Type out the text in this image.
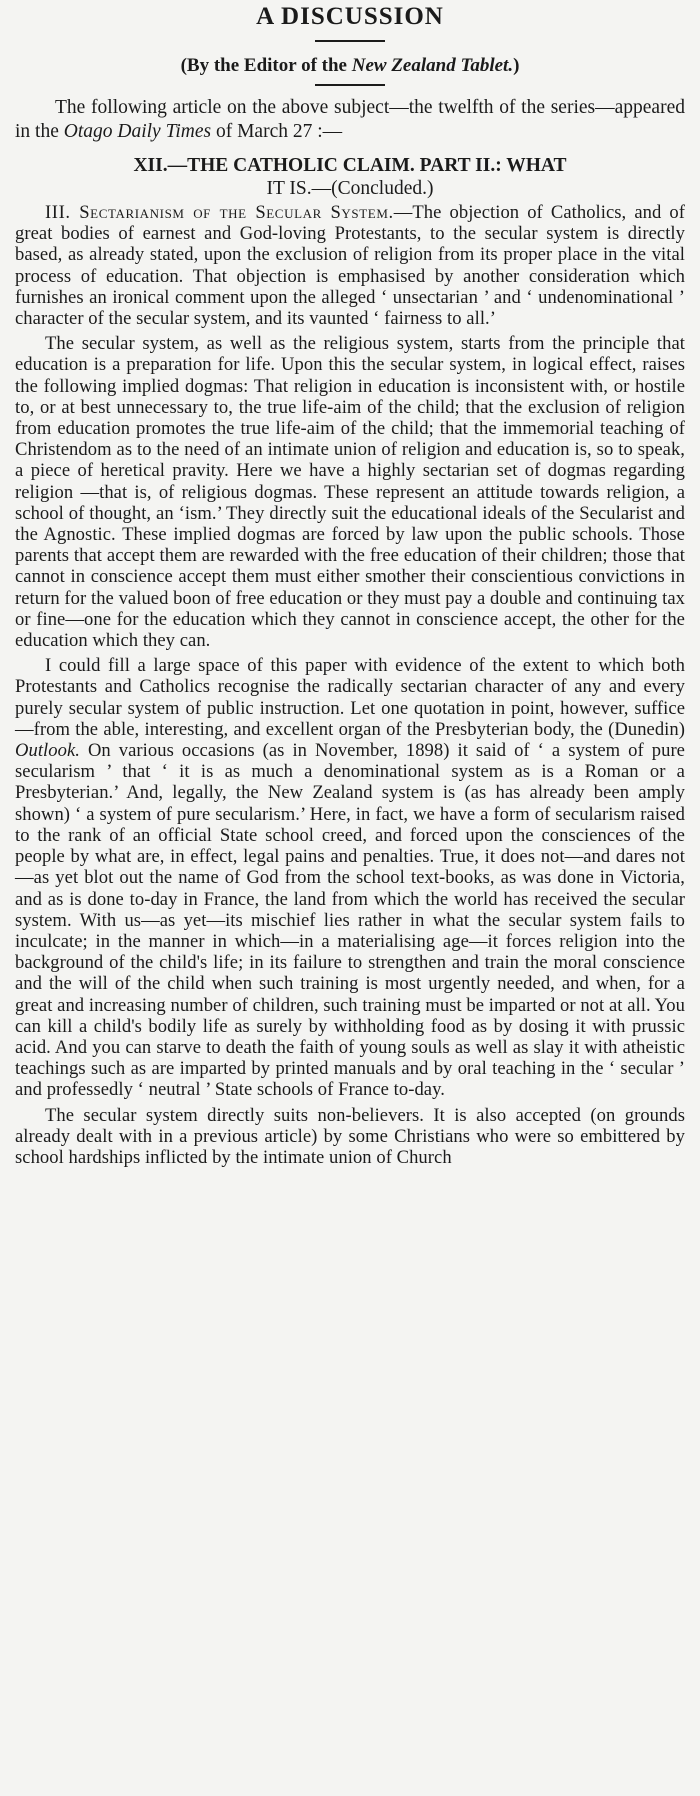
A DISCUSSION

(By the Editor of the New Zealand Tablet.)

The following article on the above subject—the twelfth of the series—appeared in the Otago Daily Times of March 27 :—

XII.—THE CATHOLIC CLAIM. PART II.: WHAT

IT IS.—(Concluded.)

III. Sectarianism of the Secular System.—The objection of Catholics, and of great bodies of earnest and God-loving Protestants, to the secular system is directly based, as already stated, upon the exclusion of religion from its proper place in the vital process of education. That objection is emphasised by another consideration which furnishes an ironical comment upon the alleged ‘ unsectarian ’ and ‘ undenominational ’ character of the secular system, and its vaunted ‘ fairness to all.’

The secular system, as well as the religious system, starts from the principle that education is a preparation for life. Upon this the secular system, in logical effect, raises the following implied dogmas: That religion in education is inconsistent with, or hostile to, or at best unnecessary to, the true life-aim of the child; that the exclusion of religion from education promotes the true life-aim of the child; that the immemorial teaching of Christendom as to the need of an intimate union of religion and education is, so to speak, a piece of heretical pravity. Here we have a highly sectarian set of dogmas regarding religion —that is, of religious dogmas. These represent an attitude towards religion, a school of thought, an ‘ism.’ They directly suit the educational ideals of the Secularist and the Agnostic. These implied dogmas are forced by law upon the public schools. Those parents that accept them are rewarded with the free education of their children; those that cannot in conscience accept them must either smother their conscientious convictions in return for the valued boon of free education or they must pay a double and continuing tax or fine—one for the education which they cannot in conscience accept, the other for the education which they can.

I could fill a large space of this paper with evidence of the extent to which both Protestants and Catholics recognise the radically sectarian character of any and every purely secular system of public instruction. Let one quotation in point, however, suffice—from the able, interesting, and excellent organ of the Presbyterian body, the (Dunedin) Outlook. On various occasions (as in November, 1898) it said of ‘ a system of pure secularism ’ that ‘ it is as much a denominational system as is a Roman or a Presbyterian.’ And, legally, the New Zealand system is (as has already been amply shown) ‘ a system of pure secularism.’ Here, in fact, we have a form of secularism raised to the rank of an official State school creed, and forced upon the consciences of the people by what are, in effect, legal pains and penalties. True, it does not—and dares not—as yet blot out the name of God from the school text-books, as was done in Victoria, and as is done to-day in France, the land from which the world has received the secular system. With us—as yet—its mischief lies rather in what the secular system fails to inculcate; in the manner in which—in a materialising age—it forces religion into the background of the child's life; in its failure to strengthen and train the moral conscience and the will of the child when such training is most urgently needed, and when, for a great and increasing number of children, such training must be imparted or not at all. You can kill a child's bodily life as surely by withholding food as by dosing it with prussic acid. And you can starve to death the faith of young souls as well as slay it with atheistic teachings such as are imparted by printed manuals and by oral teaching in the ‘ secular ’ and professedly ‘ neutral ’ State schools of France to-day.

The secular system directly suits non-believers. It is also accepted (on grounds already dealt with in a previous article) by some Christians who were so embittered by school hardships inflicted by the intimate union of Church
